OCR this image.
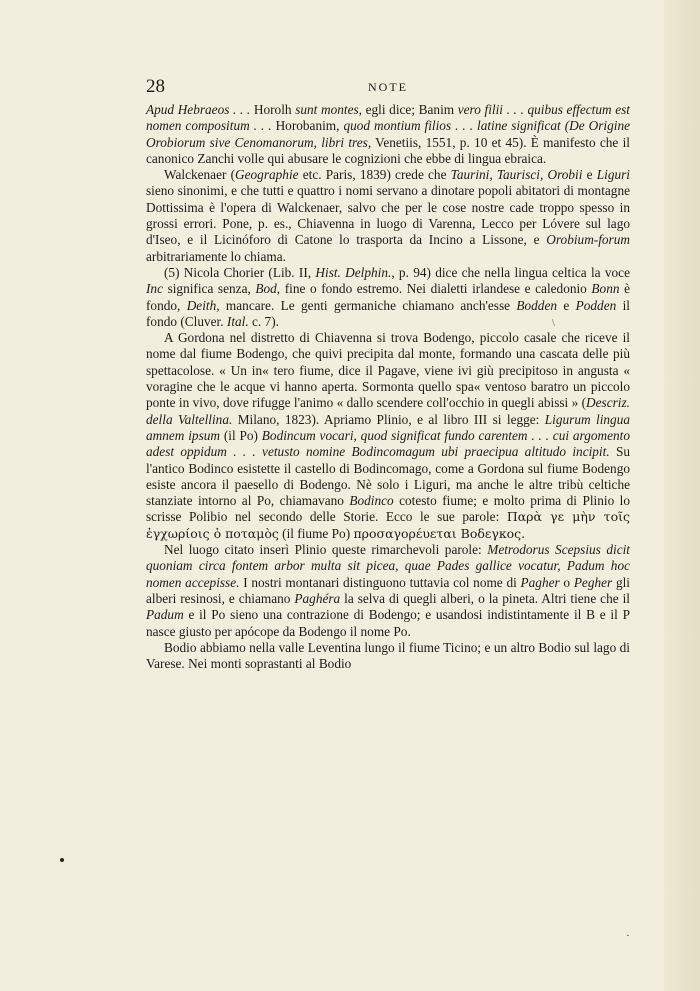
28	NOTE

Apud Hebraeos . . . Horolh sunt montes, egli dice; Banim vero filii . . . quibus effectum est nomen compositum . . . Horobanim, quod montium filios . . . latine significat (De Origine Orobiorum sive Cenomanorum, libri tres, Venetiis, 1551, p. 10 et 45). È manifesto che il canonico Zanchi volle qui abusare le cognizioni che ebbe di lingua ebraica.

Walckenaer (Geographie etc. Paris, 1839) crede che Taurini, Taurisci, Orobii e Liguri sieno sinonimi, e che tutti e quattro i nomi servano a dinotare popoli abitatori di montagne Dottissima è l'opera di Walckenaer, salvo che per le cose nostre cade troppo spesso in grossi errori. Pone, p. es., Chiavenna in luogo di Varenna, Lecco per Lóvere sul lago d'Iseo, e il Licinóforo di Catone lo trasporta da Incino a Lissone, e Orobium-forum arbitrariamente lo chiama.

(5) Nicola Chorier (Lib. II, Hist. Delphin., p. 94) dice che nella lingua celtica la voce Inc significa senza, Bod, fine o fondo estremo. Nei dialetti irlandese e caledonio Bonn è fondo, Deith, mancare. Le genti germaniche chiamano anch'esse Bodden e Podden il fondo (Cluver. Ital. c. 7).

A Gordona nel distretto di Chiavenna si trova Bodengo, piccolo casale che riceve il nome dal fiume Bodengo, che quivi precipita dal monte, formando una cascata delle più spettacolose. « Un in« tero fiume, dice il Pagave, viene ivi giù precipitoso in angusta « voragine che le acque vi hanno aperta. Sormonta quello spa« ventoso baratro un piccolo ponte in vivo, dove rifugge l'animo « dallo scendere coll'occhio in quegli abissi » (Descriz. della Valtellina. Milano, 1823). Apriamo Plinio, e al libro III si legge: Ligurum lingua amnem ipsum (il Po) Bodincum vocari, quod significat fundo carentem . . . cui argomento adest oppidum . . . vetusto nomine Bodincomagum ubi praecipua altitudo incipit. Su l'antico Bodinco esistette il castello di Bodincomago, come a Gordona sul fiume Bodengo esiste ancora il paesello di Bodengo. Nè solo i Liguri, ma anche le altre tribù celtiche stanziate intorno al Po, chiamavano Bodinco cotesto fiume; e molto prima di Plinio lo scrisse Polibio nel secondo delle Storie. Ecco le sue parole: Παρὰ γε μὴν τοῖς ἐγχωρίοις ὁ ποταμὸς (il fiume Po) προσαγορέυεται Βοδεγκος.

Nel luogo citato inserì Plinio queste rimarchevoli parole: Metrodorus Scepsius dicit quoniam circa fontem arbor multa sit picea, quae Pades gallice vocatur, Padum hoc nomen accepisse. I nostri montanari distinguono tuttavia col nome di Pagher o Pegher gli alberi resinosi, e chiamano Paghéra la selva di quegli alberi, o la pineta. Altri tiene che il Padum e il Po sieno una contrazione di Bodengo; e usandosi indistintamente il B e il P nasce giusto per apócope da Bodengo il nome Po.

Bodio abbiamo nella valle Leventina lungo il fiume Ticino; e un altro Bodio sul lago di Varese. Nei monti soprastanti al Bodio

\
˯
